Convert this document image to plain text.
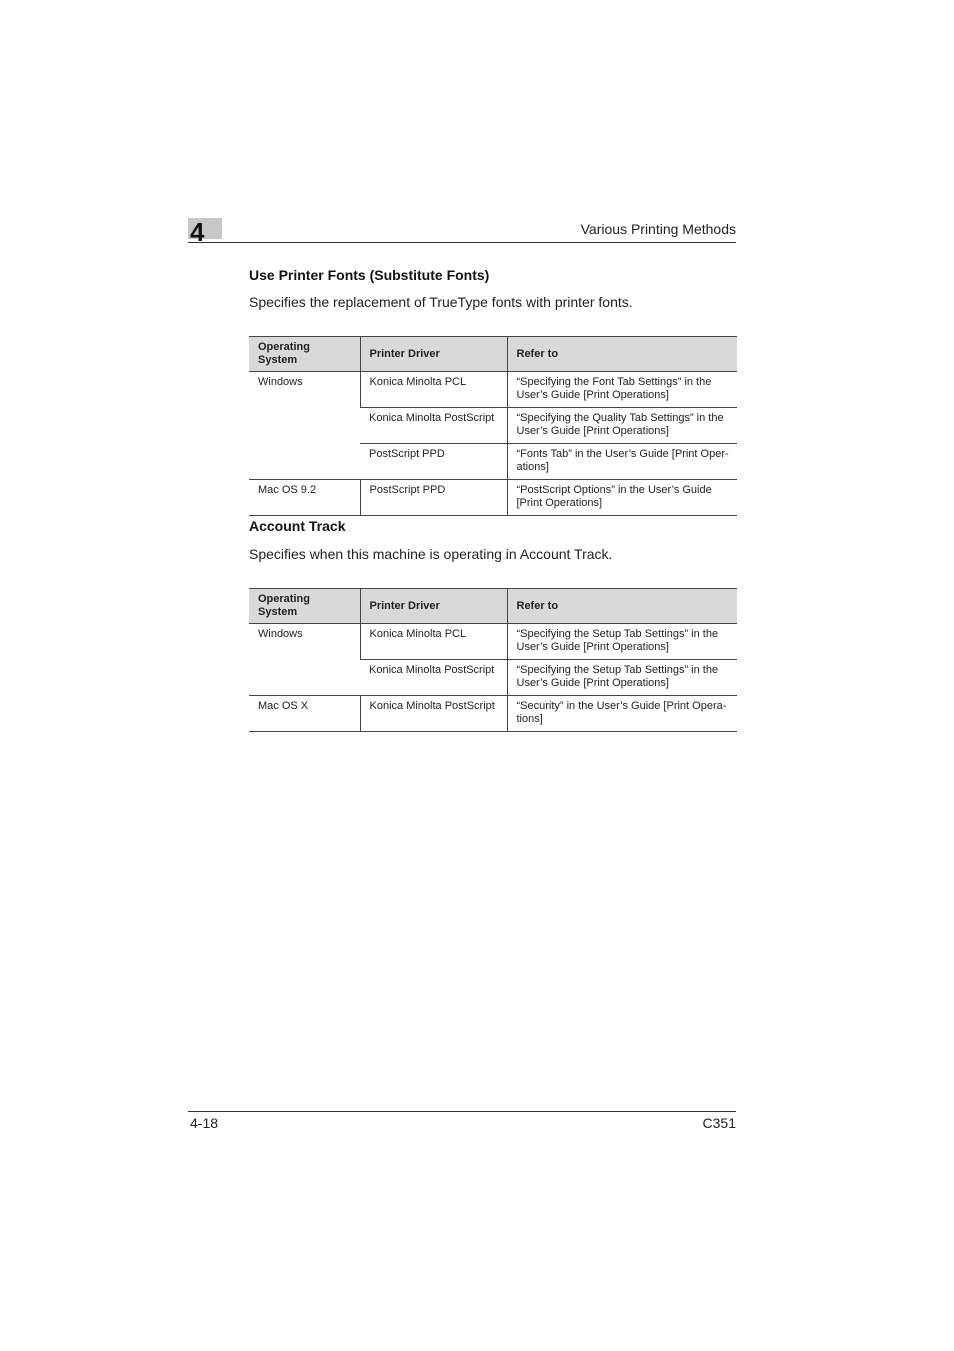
4	Various Printing Methods
Use Printer Fonts (Substitute Fonts)
Specifies the replacement of TrueType fonts with printer fonts.
Operating System	Printer Driver	Refer to
Windows	Konica Minolta PCL	“Specifying the Font Tab Settings” in the User’s Guide [Print Operations]
	Konica Minolta PostScript	“Specifying the Quality Tab Settings” in the User’s Guide [Print Operations]
	PostScript PPD	“Fonts Tab” in the User’s Guide [Print Oper-ations]
Mac OS 9.2	PostScript PPD	“PostScript Options” in the User’s Guide [Print Operations]
Account Track
Specifies when this machine is operating in Account Track.
Operating System	Printer Driver	Refer to
Windows	Konica Minolta PCL	“Specifying the Setup Tab Settings” in the User’s Guide [Print Operations]
	Konica Minolta PostScript	“Specifying the Setup Tab Settings” in the User’s Guide [Print Operations]
Mac OS X	Konica Minolta PostScript	“Security” in the User’s Guide [Print Opera-tions]
4-18	C351
